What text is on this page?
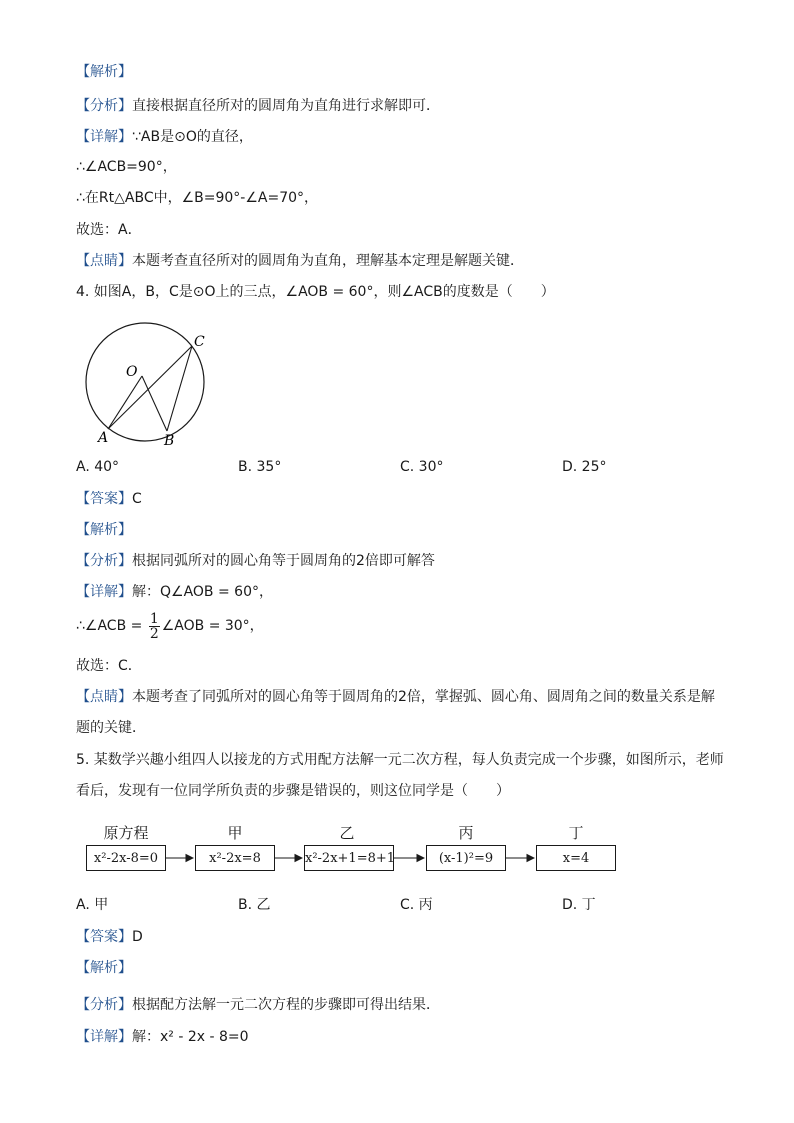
【解析】
【分析】直接根据直径所对的圆周角为直角进行求解即可．
【详解】∵AB是⊙O的直径，
∴∠ACB=90°，
∴在Rt△ABC中，∠B=90°-∠A=70°，
故选：A．
【点睛】本题考查直径所对的圆周角为直角，理解基本定理是解题关键．
4. 如图A，B，C是⊙O上的三点，∠AOB = 60°，则∠ACB的度数是（　　）
C
O
A	B
A. 40°	B. 35°	C. 30°	D. 25°
【答案】C
【解析】
【分析】根据同弧所对的圆心角等于圆周角的2倍即可解答
【详解】解：Q∠AOB = 60°，
∴∠ACB = $\frac{1}{2}$ ∠AOB = 30°，
故选：C．
【点睛】本题考查了同弧所对的圆心角等于圆周角的2倍，掌握弧、圆心角、圆周角之间的数量关系是解
题的关键．
5. 某数学兴趣小组四人以接龙的方式用配方法解一元二次方程，每人负责完成一个步骤，如图所示，老师
看后，发现有一位同学所负责的步骤是错误的，则这位同学是（　　）
原方程	甲	乙	丙	丁
x²-2x-8=0	x²-2x=8	x²-2x+1=8+1	(x-1)²=9	x=4
A. 甲	B. 乙	C. 丙	D. 丁
【答案】D
【解析】
【分析】根据配方法解一元二次方程的步骤即可得出结果．
【详解】解：x² - 2x - 8=0
